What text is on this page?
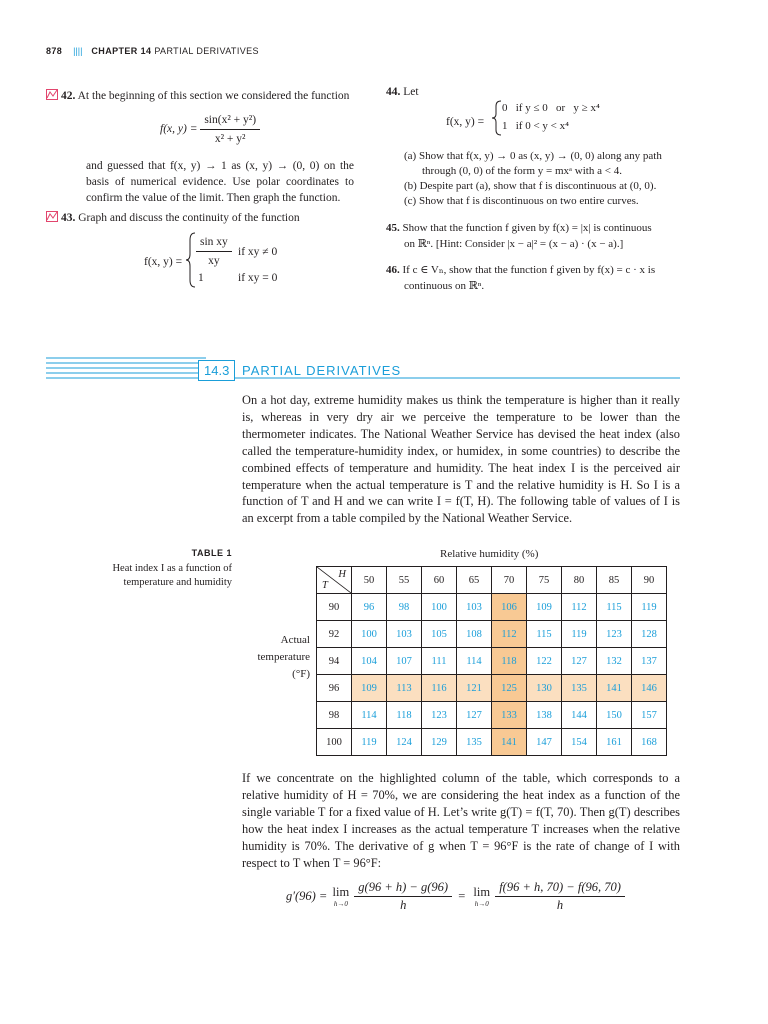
878 |||| CHAPTER 14 PARTIAL DERIVATIVES
42. At the beginning of this section we considered the function
f(x, $y) = \frac{\text{sin(x² + y²)}}{\text{x² + y²}}$
and guessed that f(x, y) → 1 as (x, y) → (0, 0) on the basis of numerical evidence. Use polar coordinates to confirm the value of the limit. Then graph the function.
43. Graph and discuss the continuity of the function
f(x, $y) = \frac{\text{sin xy}}{xy}$ if xy ≠ 0
1	if xy = 0
44. Let
f(x, y) =
0   if y ≤ 0   or   y ≥ x⁴
1   if 0 < y < x⁴
(a) Show that f(x, y) → 0 as (x, y) → (0, 0) along any path
through (0, 0) of the form y = mxᵃ with a < 4.
(b) Despite part (a), show that f is discontinuous at (0, 0).
(c) Show that f is discontinuous on two entire curves.
45. Show that the function f given by f(x) = |x| is continuous
on ℝⁿ. [Hint: Consider |x − a|² = (x − a) · (x − a).]
46. If c ∈ Vₙ, show that the function f given by f(x) = c · x is
continuous on ℝⁿ.
14.3 PARTIAL DERIVATIVES
On a hot day, extreme humidity makes us think the temperature is higher than it really is, whereas in very dry air we perceive the temperature to be lower than the thermometer indicates. The National Weather Service has devised the heat index (also called the temperature-humidity index, or humidex, in some countries) to describe the combined effects of temperature and humidity. The heat index I is the perceived air temperature when the actual temperature is T and the relative humidity is H. So I is a function of T and H and we can write I = f(T, H). The following table of values of I is an excerpt from a table compiled by the National Weather Service.
TABLE 1
Heat index I as a function of temperature and humidity
Relative humidity (%)
Actual
temperature
(°F)
H
T	50	55	60	65	70	75	80	85	90
90	96	98	100	103	106	109	112	115	119
92	100	103	105	108	112	115	119	123	128
94	104	107	111	114	118	122	127	132	137
96	109	113	116	121	125	130	135	141	146
98	114	118	123	127	133	138	144	150	157
100	119	124	129	135	141	147	154	161	168
If we concentrate on the highlighted column of the table, which corresponds to a relative humidity of H = 70%, we are considering the heat index as a function of the single variable T for a fixed value of H. Let’s write g(T) = f(T, 70). Then g(T) describes how the heat index I increases as the actual temperature T increases when the relative humidity is 70%. The derivative of g when T = 96°F is the rate of change of I with respect to T when T = 96°F:
g′(96) = lim
h→0
$\frac{g(96 + h) - g(96)}{h} = \lim$
h→0
$\frac{f(96 + h, 70) - f(96, 70)}{h}$
